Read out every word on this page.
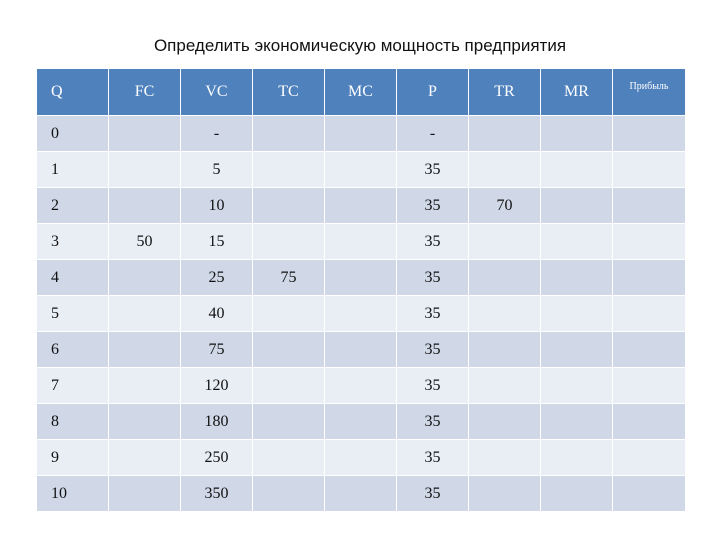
Определить экономическую мощность предприятия
Q	FC	VC	TC	MC	P	TR	MR	Прибыль
0		-			-			
1		5			35			
2		10			35	70		
3	50	15			35			
4		25	75		35			
5		40			35			
6		75			35			
7		120			35			
8		180			35			
9		250			35			
10		350			35			
